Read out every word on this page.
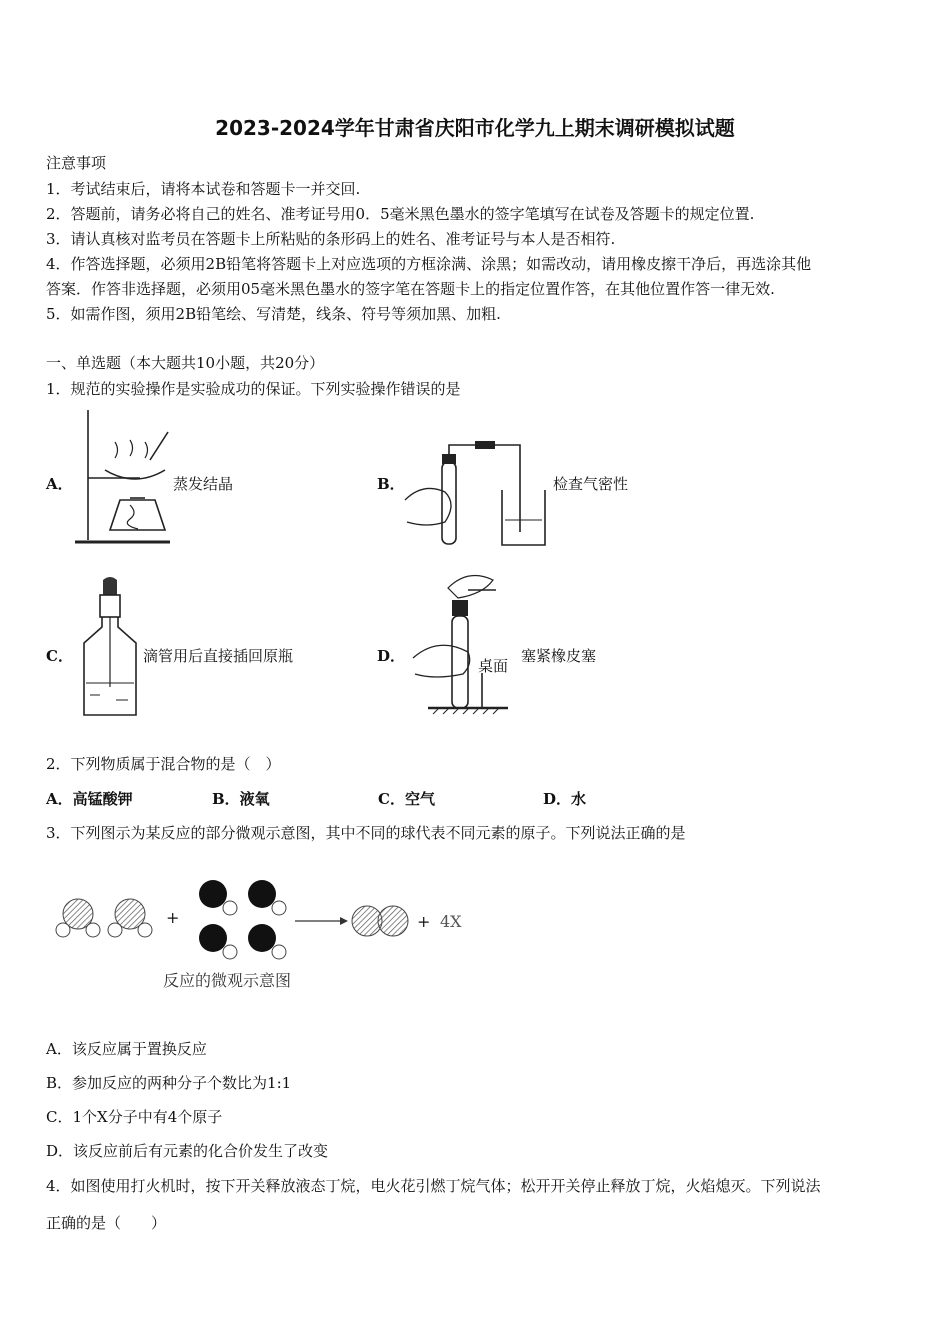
2023-2024学年甘肃省庆阳市化学九上期末调研模拟试题
注意事项
1．考试结束后，请将本试卷和答题卡一并交回.
2．答题前，请务必将自己的姓名、准考证号用0．5毫米黑色墨水的签字笔填写在试卷及答题卡的规定位置.
3．请认真核对监考员在答题卡上所粘贴的条形码上的姓名、准考证号与本人是否相符.
4．作答选择题，必须用2B铅笔将答题卡上对应选项的方框涂满、涂黑；如需改动，请用橡皮擦干净后，再选涂其他
答案．作答非选择题，必须用05毫米黑色墨水的签字笔在答题卡上的指定位置作答，在其他位置作答一律无效.
5．如需作图，须用2B铅笔绘、写清楚，线条、符号等须加黑、加粗.
一、单选题（本大题共10小题，共20分）
1．规范的实验操作是实验成功的保证。下列实验操作错误的是
A．	蒸发结晶	B．	检查气密性
C．	滴管用后直接插回原瓶	D．
桌面
塞紧橡皮塞
2．下列物质属于混合物的是（　）
A．高锰酸钾	B．液氧	C．空气	D．水
3．下列图示为某反应的部分微观示意图，其中不同的球代表不同元素的原子。下列说法正确的是
+	+ 4X
反应的微观示意图
A．该反应属于置换反应
B．参加反应的两种分子个数比为1:1
C．1个X分子中有4个原子
D．该反应前后有元素的化合价发生了改变
4．如图使用打火机时，按下开关释放液态丁烷，电火花引燃丁烷气体；松开开关停止释放丁烷，火焰熄灭。下列说法
正确的是（　　）
